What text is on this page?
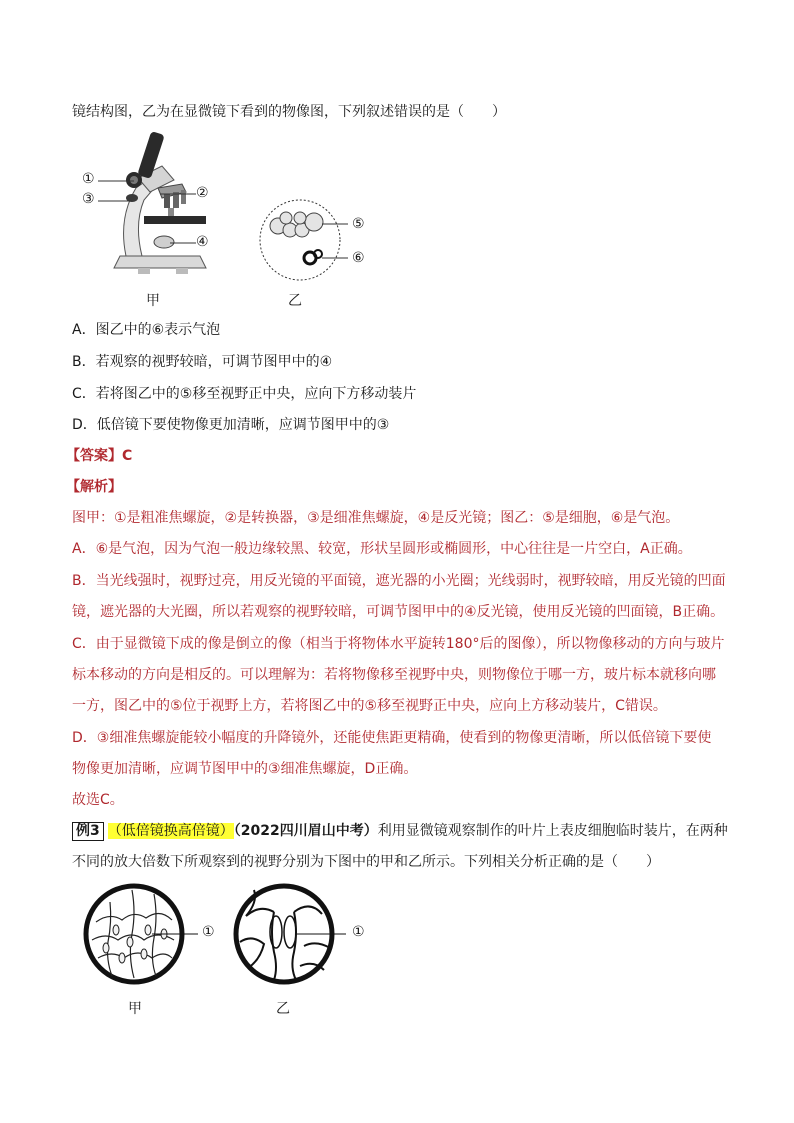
镜结构图，乙为在显微镜下看到的物像图，下列叙述错误的是（　　）
①
③	②
④
甲
⑤
⑥
乙
A．图乙中的⑥表示气泡
B．若观察的视野较暗，可调节图甲中的④
C．若将图乙中的⑤移至视野正中央，应向下方移动装片
D．低倍镜下要使物像更加清晰，应调节图甲中的③
【答案】C
【解析】
图甲：①是粗准焦螺旋，②是转换器，③是细准焦螺旋，④是反光镜；图乙：⑤是细胞，⑥是气泡。
A．⑥是气泡，因为气泡一般边缘较黑、较宽，形状呈圆形或椭圆形，中心往往是一片空白，A正确。
B．当光线强时，视野过亮，用反光镜的平面镜，遮光器的小光圈；光线弱时，视野较暗，用反光镜的凹面
镜，遮光器的大光圈，所以若观察的视野较暗，可调节图甲中的④反光镜，使用反光镜的凹面镜，B正确。
C．由于显微镜下成的像是倒立的像（相当于将物体水平旋转180°后的图像），所以物像移动的方向与玻片
标本移动的方向是相反的。可以理解为：若将物像移至视野中央，则物像位于哪一方，玻片标本就移向哪
一方，图乙中的⑤位于视野上方，若将图乙中的⑤移至视野正中央，应向上方移动装片，C错误。
D．③细准焦螺旋能较小幅度的升降镜外，还能使焦距更精确，使看到的物像更清晰，所以低倍镜下要使
物像更加清晰，应调节图甲中的③细准焦螺旋，D正确。
故选C。
例3 （低倍镜换高倍镜）（2022四川眉山中考）利用显微镜观察制作的叶片上表皮细胞临时装片，在两种
不同的放大倍数下所观察到的视野分别为下图中的甲和乙所示。下列相关分析正确的是（　　）
①
甲
①
乙
